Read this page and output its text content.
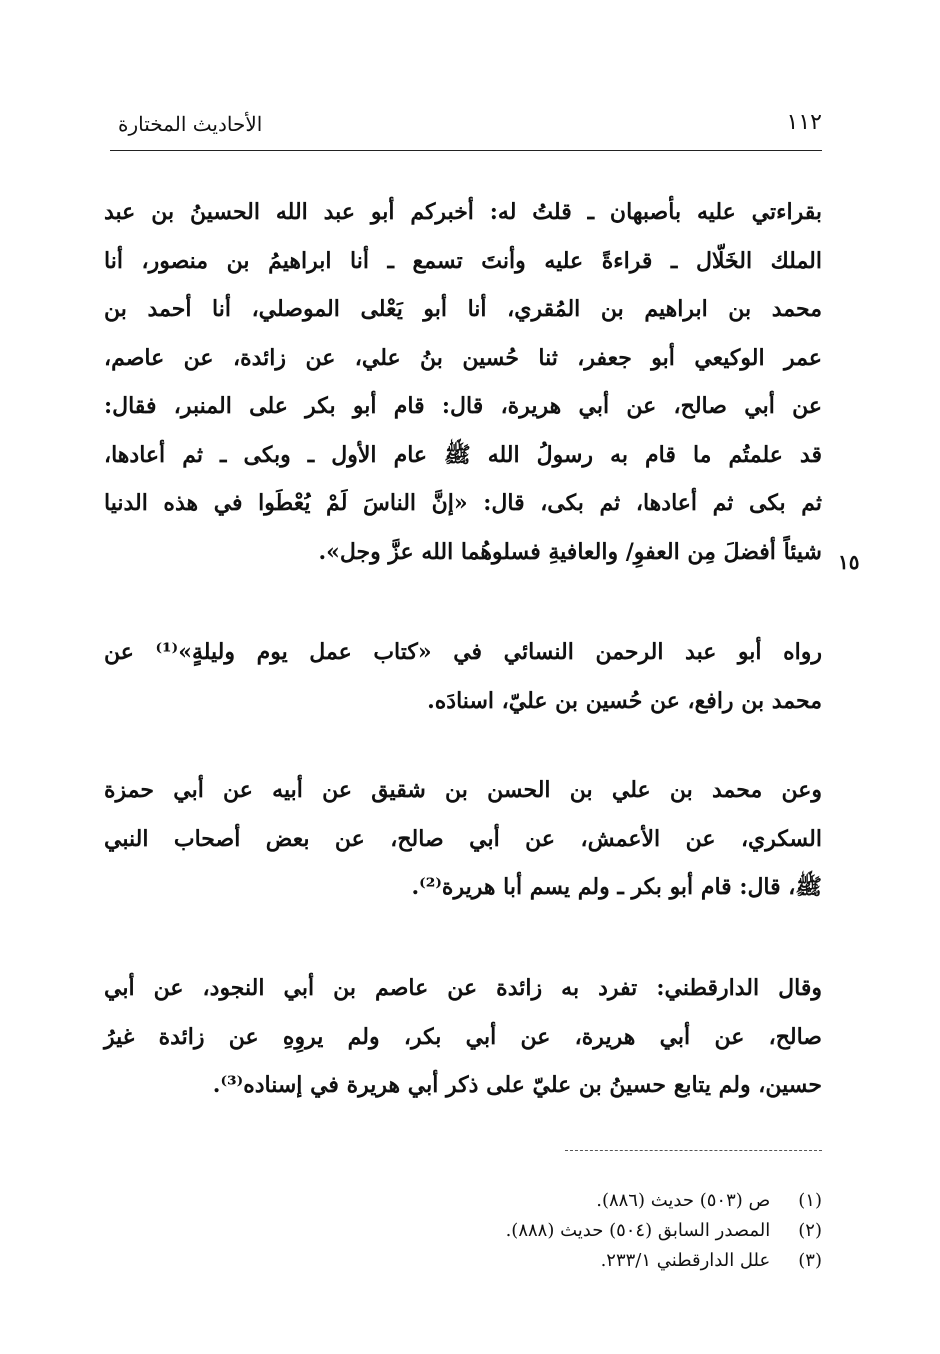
١١٢
الأحاديث المختارة
بقراءتي عليه بأصبهان ـ قلتُ له: أخبركم أبو عبد الله الحسينُ بن عبد
الملك الخَلّال ـ قراءةً عليه وأنتَ تسمع ـ أنا ابراهيمُ بن منصور، أنا
محمد بن ابراهيم بن المُقري، أنا أبو يَعْلى الموصلي، أنا أحمد بن
عمر الوكيعي أبو جعفر، ثنا حُسين بنُ علي، عن زائدة، عن عاصم،
عن أبي صالح، عن أبي هريرة، قال: قام أبو بكر على المنبر، فقال:
قد علمتُم ما قام به رسولُ الله ﷺ عام الأول ـ وبكى ـ ثم أعادها،
ثم بكى ثم أعادها، ثم بكى، قال: «إنَّ الناسَ لَمْ يُعْطَوا في هذه الدنيا
شيئاً أفضلَ مِن العفوِ/ والعافيةِ فسلوهُما الله عزَّ وجل». ١٥
رواه أبو عبد الرحمن النسائي في «كتاب عمل يوم وليلةٍ»⁽¹⁾ عن
محمد بن رافع، عن حُسين بن عليّ، اسنادَه.
وعن محمد بن علي بن الحسن بن شقيق عن أبيه عن أبي حمزة
السكري، عن الأعمش، عن أبي صالح، عن بعض أصحاب النبي
ﷺ، قال: قام أبو بكر ـ ولم يسم أبا هريرة⁽²⁾.
وقال الدارقطني: تفرد به زائدة عن عاصم بن أبي النجود، عن أبي
صالح، عن أبي هريرة، عن أبي بكر، ولم يروِهِ عن زائدة غيرُ
حسين، ولم يتابع حسينُ بن عليّ على ذكر أبي هريرة في إسناده⁽³⁾.
(١) ص (٥٠٣) حديث (٨٨٦).
(٢) المصدر السابق (٥٠٤) حديث (٨٨٨).
(٣) علل الدارقطني ٢٣٣/١.
